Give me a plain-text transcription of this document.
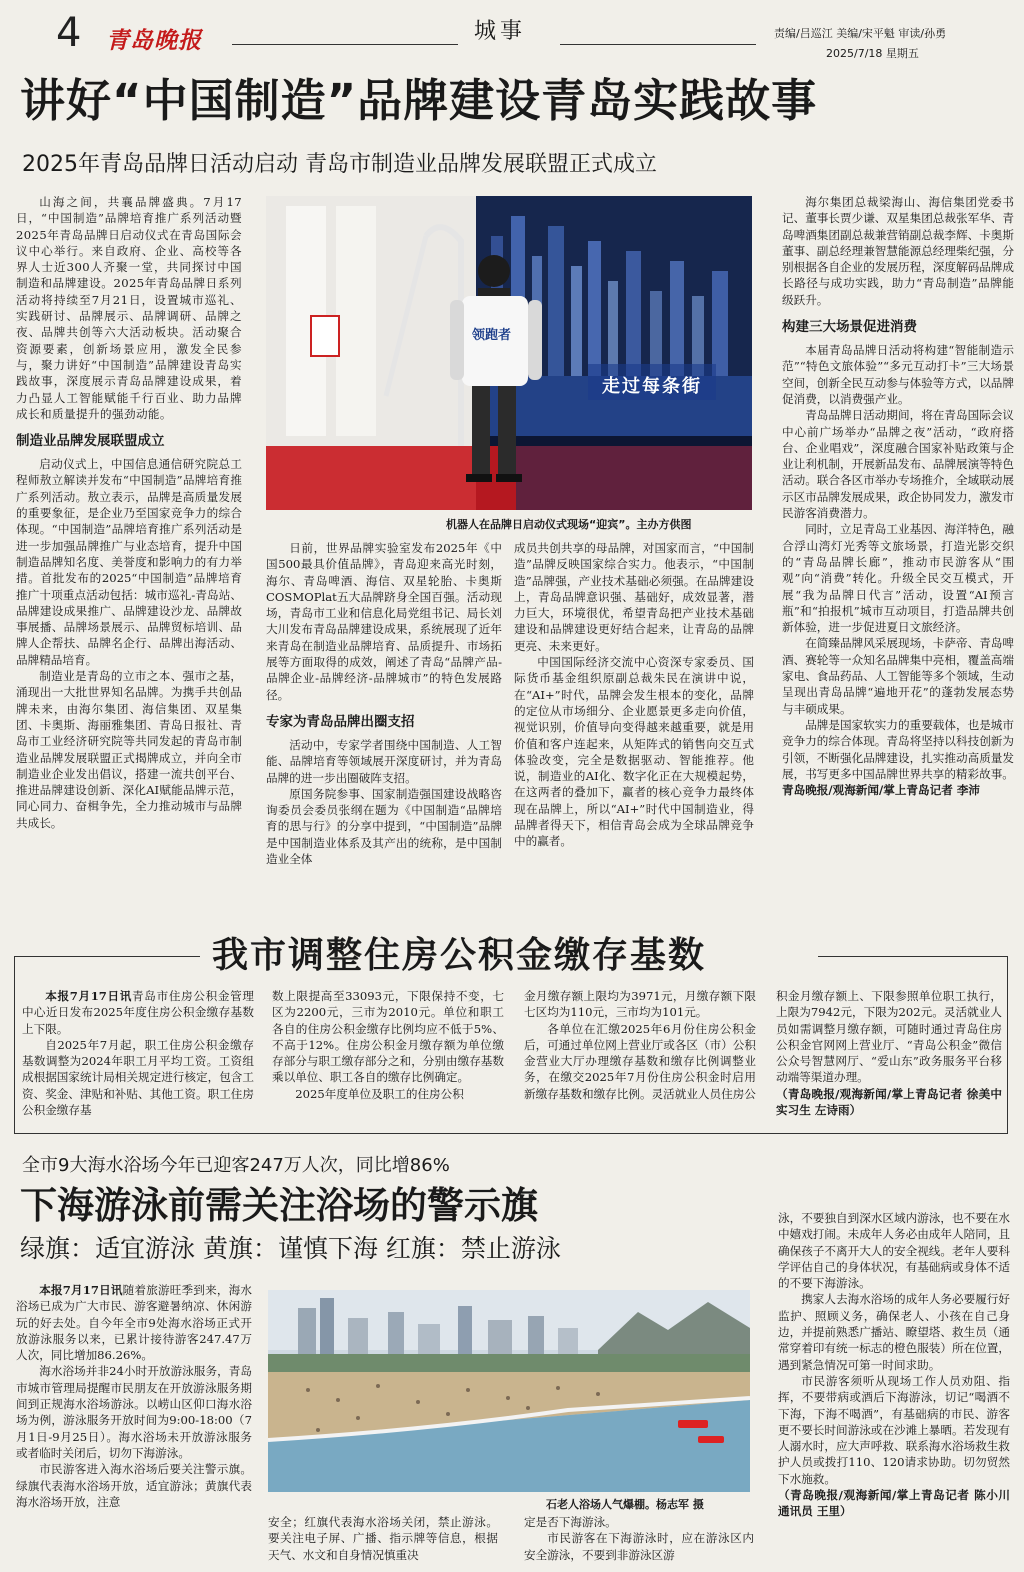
4 青岛晚报	城事	责编/吕巡江 美编/宋平魁 审读/孙勇
2025/7/18 星期五
讲好“中国制造”品牌建设青岛实践故事
2025年青岛品牌日活动启动 青岛市制造业品牌发展联盟正式成立

山海之间，共襄品牌盛典。7月17日，“中国制造”品牌培育推广系列活动暨2025年青岛品牌日启动仪式在青岛国际会议中心举行。来自政府、企业、高校等各界人士近300人齐聚一堂，共同探讨中国制造和品牌建设。2025年青岛品牌日系列活动将持续至7月21日，设置城市巡礼、实践研讨、品牌展示、品牌调研、品牌之夜、品牌共创等六大活动板块。活动聚合资源要素，创新场景应用，激发全民参与，聚力讲好“中国制造”品牌建设青岛实践故事，深度展示青岛品牌建设成果，着力凸显人工智能赋能千行百业、助力品牌成长和质量提升的强劲动能。

制造业品牌发展联盟成立

启动仪式上，中国信息通信研究院总工程师敖立解读并发布“中国制造”品牌培育推广系列活动。敖立表示，品牌是高质量发展的重要象征，是企业乃至国家竞争力的综合体现。“中国制造”品牌培育推广系列活动是进一步加强品牌推广与业态培育，提升中国制造品牌知名度、美誉度和影响力的有力举措。首批发布的2025“中国制造”品牌培育推广十项重点活动包括：城市巡礼-青岛站、品牌建设成果推广、品牌建设沙龙、品牌故事展播、品牌场景展示、品牌贸标培训、品牌人企帮扶、品牌名企行、品牌出海活动、品牌精品培育。

制造业是青岛的立市之本、强市之基，涌现出一大批世界知名品牌。为携手共创品牌未来，由海尔集团、海信集团、双星集团、卡奥斯、海丽雅集团、青岛日报社、青岛市工业经济研究院等共同发起的青岛市制造业品牌发展联盟正式揭牌成立，并向全市制造业企业发出倡议，搭建一流共创平台、推进品牌建设创新、深化AI赋能品牌示范，同心同力、奋楫争先，全力推动城市与品牌共成长。

领跑者
走过每条街
机器人在品牌日启动仪式现场“迎宾”。主办方供图

日前，世界品牌实验室发布2025年《中国500最具价值品牌》，青岛迎来高光时刻，海尔、青岛啤酒、海信、双星轮胎、卡奥斯COSMOPlat五大品牌跻身全国百强。活动现场，青岛市工业和信息化局党组书记、局长刘大川发布青岛品牌建设成果，系统展现了近年来青岛在制造业品牌培育、品质提升、市场拓展等方面取得的成效，阐述了青岛“品牌产品-品牌企业-品牌经济-品牌城市”的特色发展路径。

专家为青岛品牌出圈支招

活动中，专家学者围绕中国制造、人工智能、品牌培育等领域展开深度研讨，并为青岛品牌的进一步出圈破阵支招。

原国务院参事、国家制造强国建设战略咨询委员会委员张纲在题为《中国制造“品牌培育的思与行》的分享中提到，“中国制造”品牌是中国制造业体系及其产出的统称，是中国制造业全体

成员共创共享的母品牌，对国家而言，“中国制造”品牌反映国家综合实力。他表示，“中国制造”品牌强，产业技术基础必须强。在品牌建设上，青岛品牌意识强、基础好，成效显著，潜力巨大，环境很优，希望青岛把产业技术基础建设和品牌建设更好结合起来，让青岛的品牌更亮、未来更好。

中国国际经济交流中心资深专家委员、国际货币基金组织原副总裁朱民在演讲中说，在“AI+”时代，品牌会发生根本的变化，品牌的定位从市场细分、企业愿景更多走向价值，视觉识别，价值导向变得越来越重要，就是用价值和客户连起来，从矩阵式的销售向交互式体验改变，完全是数据驱动、智能推荐。他说，制造业的AI化、数字化正在大规模起势，在这两者的叠加下，赢者的核心竞争力最终体现在品牌上，所以“AI+”时代中国制造业，得品牌者得天下，相信青岛会成为全球品牌竞争中的赢者。

海尔集团总裁梁海山、海信集团党委书记、董事长贾少谦、双星集团总裁张军华、青岛啤酒集团副总裁兼营销副总裁李辉、卡奥斯董事、副总经理兼智慧能源总经理柴纪强，分别根据各自企业的发展历程，深度解码品牌成长路径与成功实践，助力“青岛制造”品牌能级跃升。

构建三大场景促进消费

本届青岛品牌日活动将构建“智能制造示范”“特色文旅体验”“多元互动打卡”三大场景空间，创新全民互动参与体验等方式，以品牌促消费，以消费强产业。

青岛品牌日活动期间，将在青岛国际会议中心前广场举办“品牌之夜”活动，“政府搭台、企业唱戏”，深度融合国家补贴政策与企业让利机制，开展新品发布、品牌展演等特色活动。联合各区市举办专场推介，全域联动展示区市品牌发展成果，政企协同发力，激发市民游客消费潜力。

同时，立足青岛工业基因、海洋特色，融合浮山湾灯光秀等文旅场景，打造光影交织的“青岛品牌长廊”，推动市民游客从“围观”向“消费”转化。升级全民交互模式，开展“我为品牌日代言”活动，设置“AI预言瓶”和“拍报机”城市互动项目，打造品牌共创新体验，进一步促进夏日文旅经济。

在简臻品牌风采展现场，卡萨帝、青岛啤酒、赛轮等一众知名品牌集中亮相，覆盖高端家电、食品药品、人工智能等多个领域，生动呈现出青岛品牌“遍地开花”的蓬勃发展态势与丰硕成果。

品牌是国家软实力的重要载体，也是城市竞争力的综合体现。青岛将坚持以科技创新为引领，不断强化品牌建设，扎实推动高质量发展，书写更多中国品牌世界共享的精彩故事。

青岛晚报/观海新闻/掌上青岛记者 李沛

我市调整住房公积金缴存基数

本报7月17日讯青岛市住房公积金管理中心近日发布2025年度住房公积金缴存基数上下限。

自2025年7月起，职工住房公积金缴存基数调整为2024年职工月平均工资。工资组成根据国家统计局相关规定进行核定，包含工资、奖金、津贴和补贴、其他工资。职工住房公积金缴存基

数上限提高至33093元，下限保持不变，七区为2200元，三市为2010元。单位和职工各自的住房公积金缴存比例均应不低于5%、不高于12%。住房公积金月缴存额为单位缴存部分与职工缴存部分之和，分别由缴存基数乘以单位、职工各自的缴存比例确定。

2025年度单位及职工的住房公积

金月缴存额上限均为3971元，月缴存额下限七区均为110元，三市均为101元。

各单位在汇缴2025年6月份住房公积金后，可通过单位网上营业厅或各区（市）公积金营业大厅办理缴存基数和缴存比例调整业务，在缴交2025年7月份住房公积金时启用新缴存基数和缴存比例。灵活就业人员住房公

积金月缴存额上、下限参照单位职工执行，上限为7942元，下限为202元。灵活就业人员如需调整月缴存额，可随时通过青岛住房公积金官网网上营业厅、“青岛公积金”微信公众号智慧网厅、“爱山东”政务服务平台移动端等渠道办理。

（青岛晚报/观海新闻/掌上青岛记者 徐美中 实习生 左诗雨）

全市9大海水浴场今年已迎客247万人次，同比增86%
下海游泳前需关注浴场的警示旗
绿旗：适宜游泳 黄旗：谨慎下海 红旗：禁止游泳

本报7月17日讯随着旅游旺季到来，海水浴场已成为广大市民、游客避暑纳凉、休闲游玩的好去处。自今年全市9处海水浴场正式开放游泳服务以来，已累计接待游客247.47万人次，同比增加86.26%。

海水浴场并非24小时开放游泳服务，青岛市城市管理局提醒市民朋友在开放游泳服务期间到正规海水浴场游泳。以崂山区仰口海水浴场为例，游泳服务开放时间为9:00-18:00（7月1日-9月25日）。海水浴场未开放游泳服务或者临时关闭后，切勿下海游泳。

市民游客进入海水浴场后要关注警示旗。绿旗代表海水浴场开放，适宜游泳；黄旗代表海水浴场开放，注意	石老人浴场人气爆棚。杨志军 摄

安全；红旗代表海水浴场关闭，禁止游泳。要关注电子屏、广播、指示牌等信息，根据天气、水文和自身情况慎重决

定是否下海游泳。

市民游客在下海游泳时，应在游泳区内安全游泳，不要到非游泳区游

泳，不要独自到深水区域内游泳，也不要在水中嬉戏打闹。未成年人务必由成年人陪同，且确保孩子不离开大人的安全视线。老年人要科学评估自己的身体状况，有基础病或身体不适的不要下海游泳。

携家人去海水浴场的成年人务必要履行好监护、照顾义务，确保老人、小孩在自己身边，并提前熟悉广播站、瞭望塔、救生员（通常穿着印有统一标志的橙色服装）所在位置，遇到紧急情况可第一时间求助。

市民游客须听从现场工作人员劝阻、指挥，不要带病或酒后下海游泳，切记“喝酒不下海，下海不喝酒”，有基础病的市民、游客更不要长时间游泳或在沙滩上暴晒。若发现有人溺水时，应大声呼救、联系海水浴场救生救护人员或拨打110、120请求协助。切勿贸然下水施救。

（青岛晚报/观海新闻/掌上青岛记者 陈小川 通讯员 王里）
